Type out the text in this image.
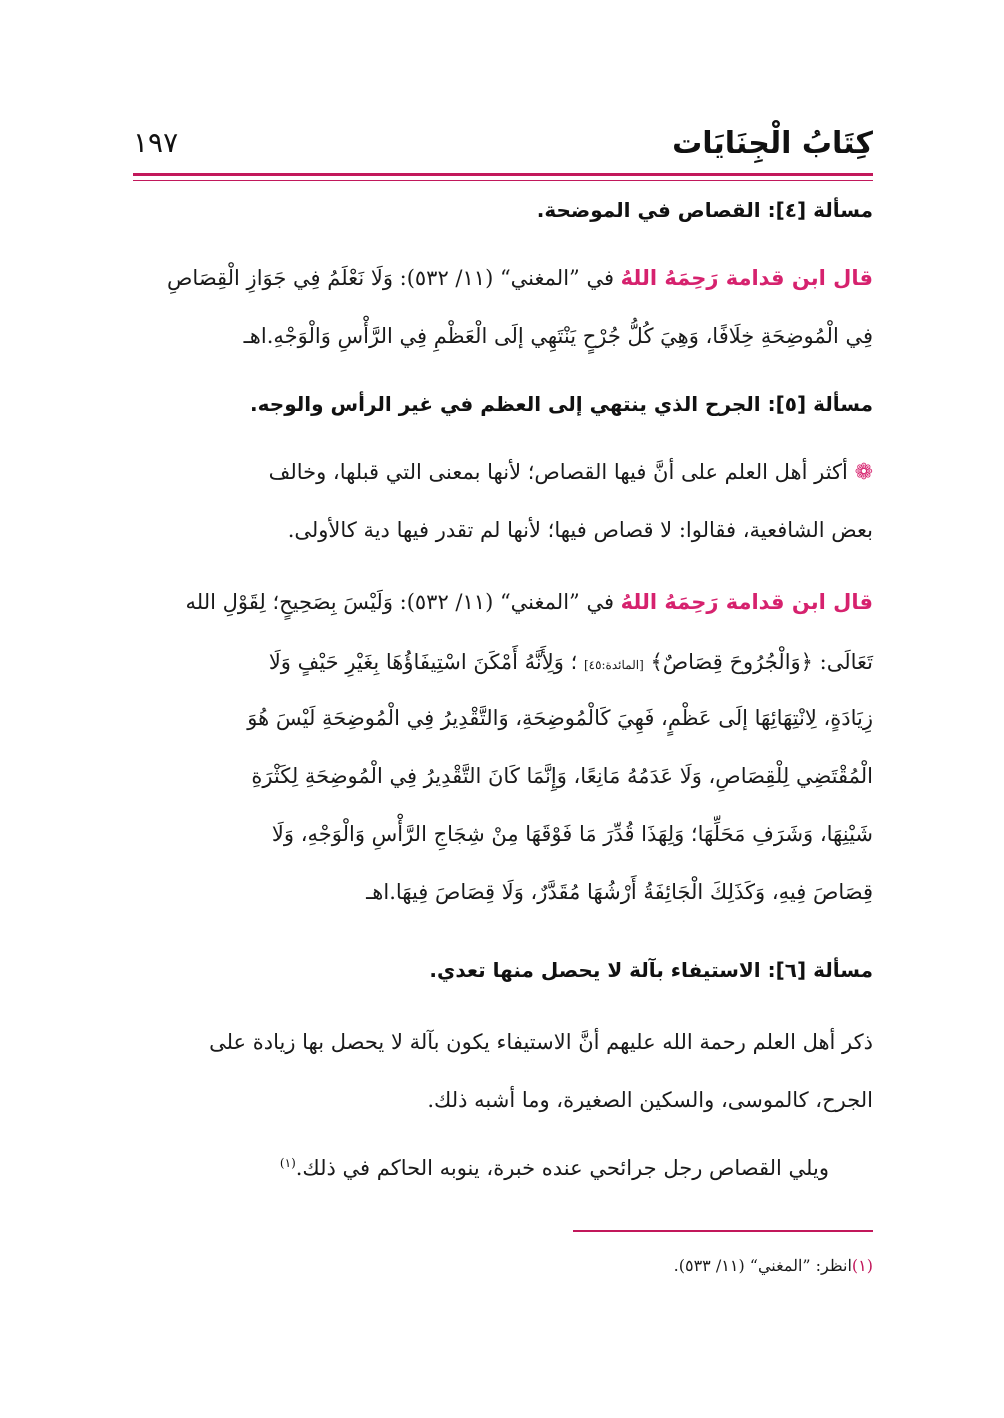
كِتَابُ الْجِنَايَات
١٩٧
مسألة [٤]: القصاص في الموضحة.
قال ابن قدامة رَحِمَهُ اللهُ في ”المغني“ (١١/ ٥٣٢): وَلَا نَعْلَمُ فِي جَوَازِ الْقِصَاصِ
فِي الْمُوضِحَةِ خِلَافًا، وَهِيَ كُلُّ جُرْحٍ يَنْتَهِي إلَى الْعَظْمِ فِي الرَّأْسِ وَالْوَجْهِ.اهـ
مسألة [٥]: الجرح الذي ينتهي إلى العظم في غير الرأس والوجه.
❁ أكثر أهل العلم على أنَّ فيها القصاص؛ لأنها بمعنى التي قبلها، وخالف
بعض الشافعية، فقالوا: لا قصاص فيها؛ لأنها لم تقدر فيها دية كالأولى.
قال ابن قدامة رَحِمَهُ اللهُ في ”المغني“ (١١/ ٥٣٢): وَلَيْسَ بِصَحِيحٍ؛ لِقَوْلِ الله
تَعَالَى: ﴿وَالْجُرُوحَ قِصَاصٌ﴾ [المائدة:٤٥] ؛ وَلِأَنَّهُ أَمْكَنَ اسْتِيفَاؤُهَا بِغَيْرِ حَيْفٍ وَلَا
زِيَادَةٍ، لِانْتِهَائِهَا إلَى عَظْمٍ، فَهِيَ كَالْمُوضِحَةِ، وَالتَّقْدِيرُ فِي الْمُوضِحَةِ لَيْسَ هُوَ
الْمُقْتَضِي لِلْقِصَاصِ، وَلَا عَدَمُهُ مَانِعًا، وَإِنَّمَا كَانَ التَّقْدِيرُ فِي الْمُوضِحَةِ لِكَثْرَةِ
شَيْنِهَا، وَشَرَفِ مَحَلِّهَا؛ وَلِهَذَا قُدِّرَ مَا فَوْقَهَا مِنْ شِجَاجِ الرَّأْسِ وَالْوَجْهِ، وَلَا
قِصَاصَ فِيهِ، وَكَذَلِكَ الْجَائِفَةُ أَرْشُهَا مُقَدَّرٌ، وَلَا قِصَاصَ فِيهَا.اهـ
مسألة [٦]: الاستيفاء بآلة لا يحصل منها تعدي.
ذكر أهل العلم رحمة الله عليهم أنَّ الاستيفاء يكون بآلة لا يحصل بها زيادة على
الجرح، كالموسى، والسكين الصغيرة، وما أشبه ذلك.
ويلي القصاص رجل جرائحي عنده خبرة، ينوبه الحاكم في ذلك.$^{(١)}$
(١)انظر: ”المغني“ (١١/ ٥٣٣).
